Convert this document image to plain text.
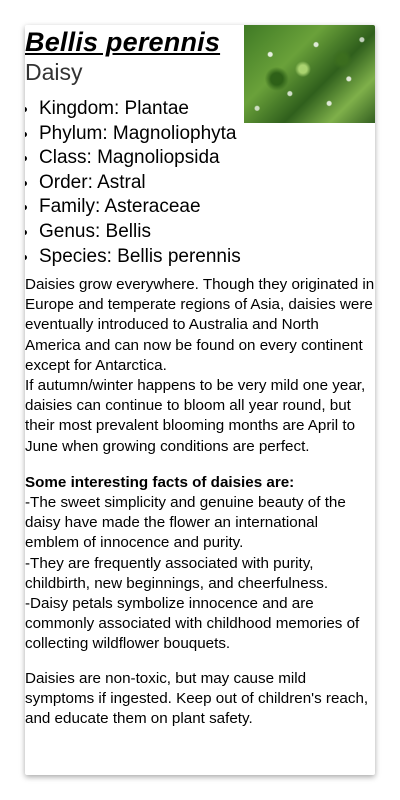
Bellis perennis
Daisy
• Kingdom: Plantae
• Phylum: Magnoliophyta
• Class: Magnoliopsida
• Order: Astral
• Family: Asteraceae
• Genus: Bellis
• Species: Bellis perennis

Daisies grow everywhere. Though they originated in Europe and temperate regions of Asia, daisies were eventually introduced to Australia and North America and can now be found on every continent except for Antarctica.

If autumn/winter happens to be very mild one year, daisies can continue to bloom all year round, but their most prevalent blooming months are April to June when growing conditions are perfect.

Some interesting facts of daisies are:

-The sweet simplicity and genuine beauty of the daisy have made the flower an international emblem of innocence and purity.

-They are frequently associated with purity, childbirth, new beginnings, and cheerfulness.

-Daisy petals symbolize innocence and are commonly associated with childhood memories of collecting wildflower bouquets.

Daisies are non-toxic, but may cause mild symptoms if ingested. Keep out of children's reach, and educate them on plant safety.
